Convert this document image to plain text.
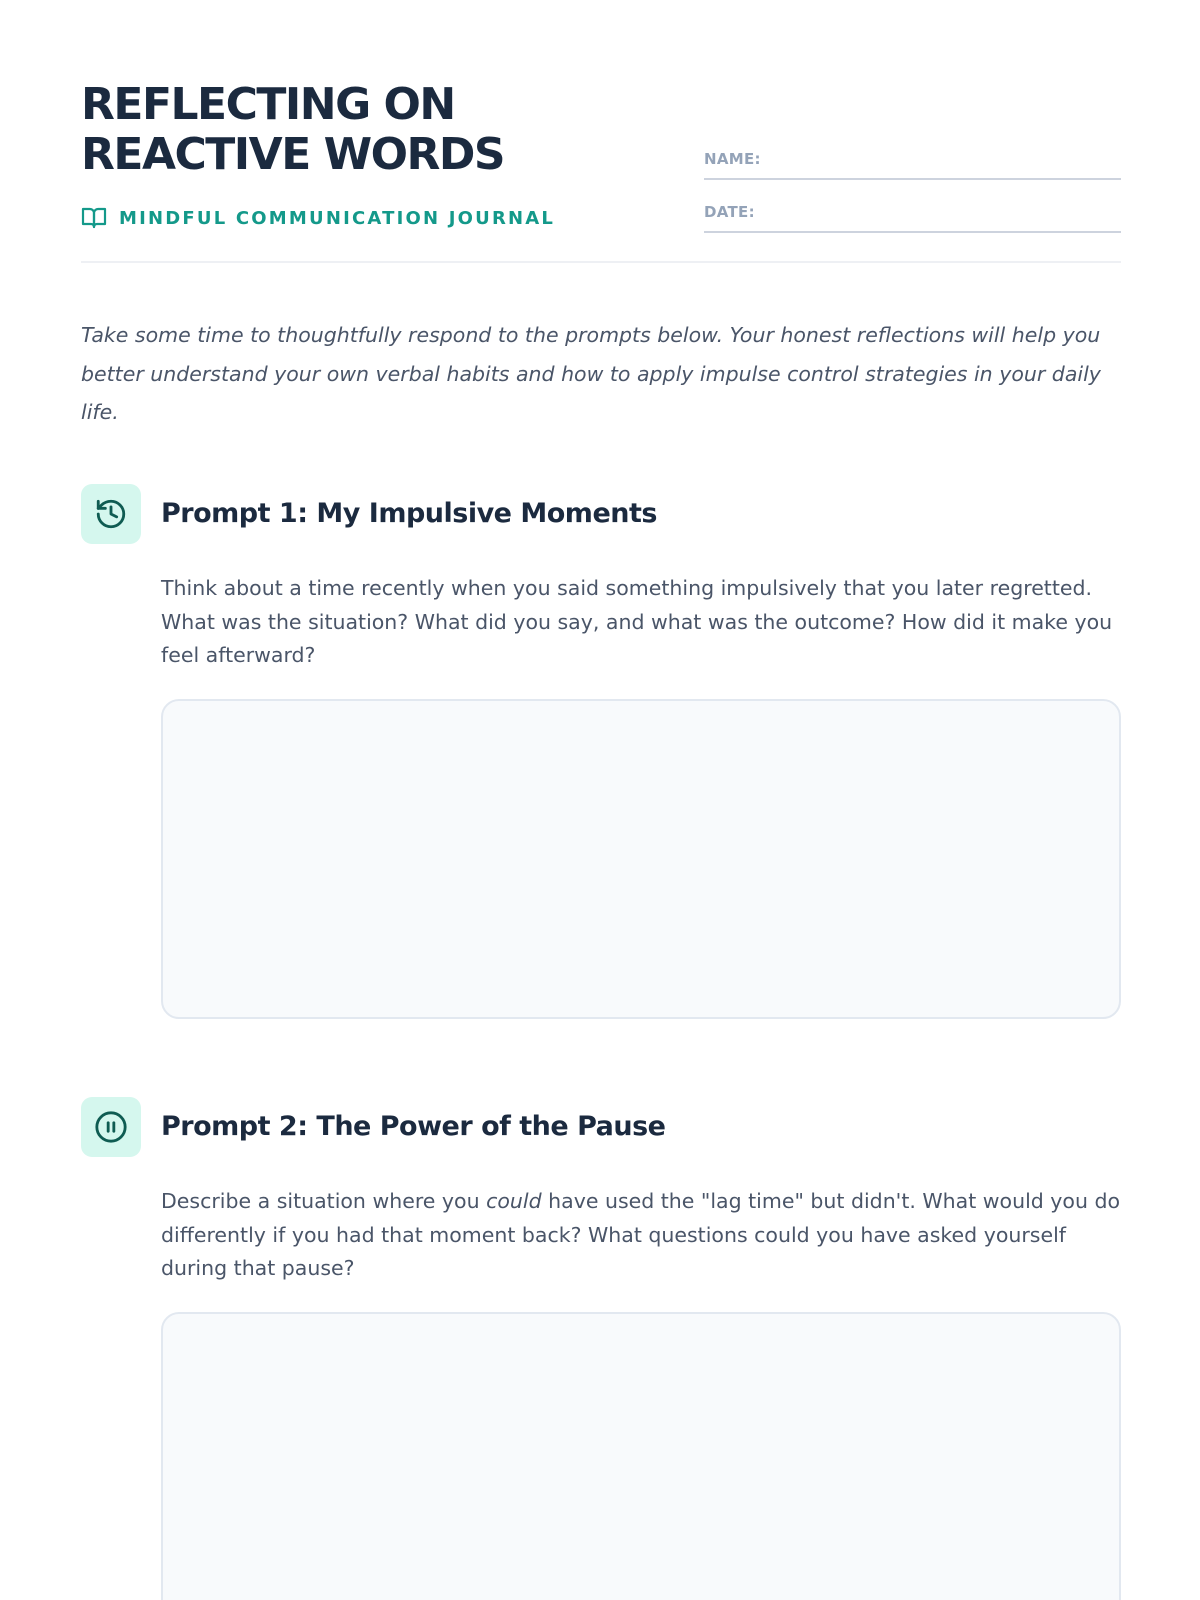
REFLECTING ON
REACTIVE WORDS
MINDFUL COMMUNICATION JOURNAL
NAME:
DATE:

Take some time to thoughtfully respond to the prompts below. Your honest reflections will help you better understand your own verbal habits and how to apply impulse control strategies in your daily life.

Prompt 1: My Impulsive Moments

Think about a time recently when you said something impulsively that you later regretted. What was the situation? What did you say, and what was the outcome? How did it make you feel afterward?

Prompt 2: The Power of the Pause

Describe a situation where you could have used the "lag time" but didn't. What would you do differently if you had that moment back? What questions could you have asked yourself during that pause?
